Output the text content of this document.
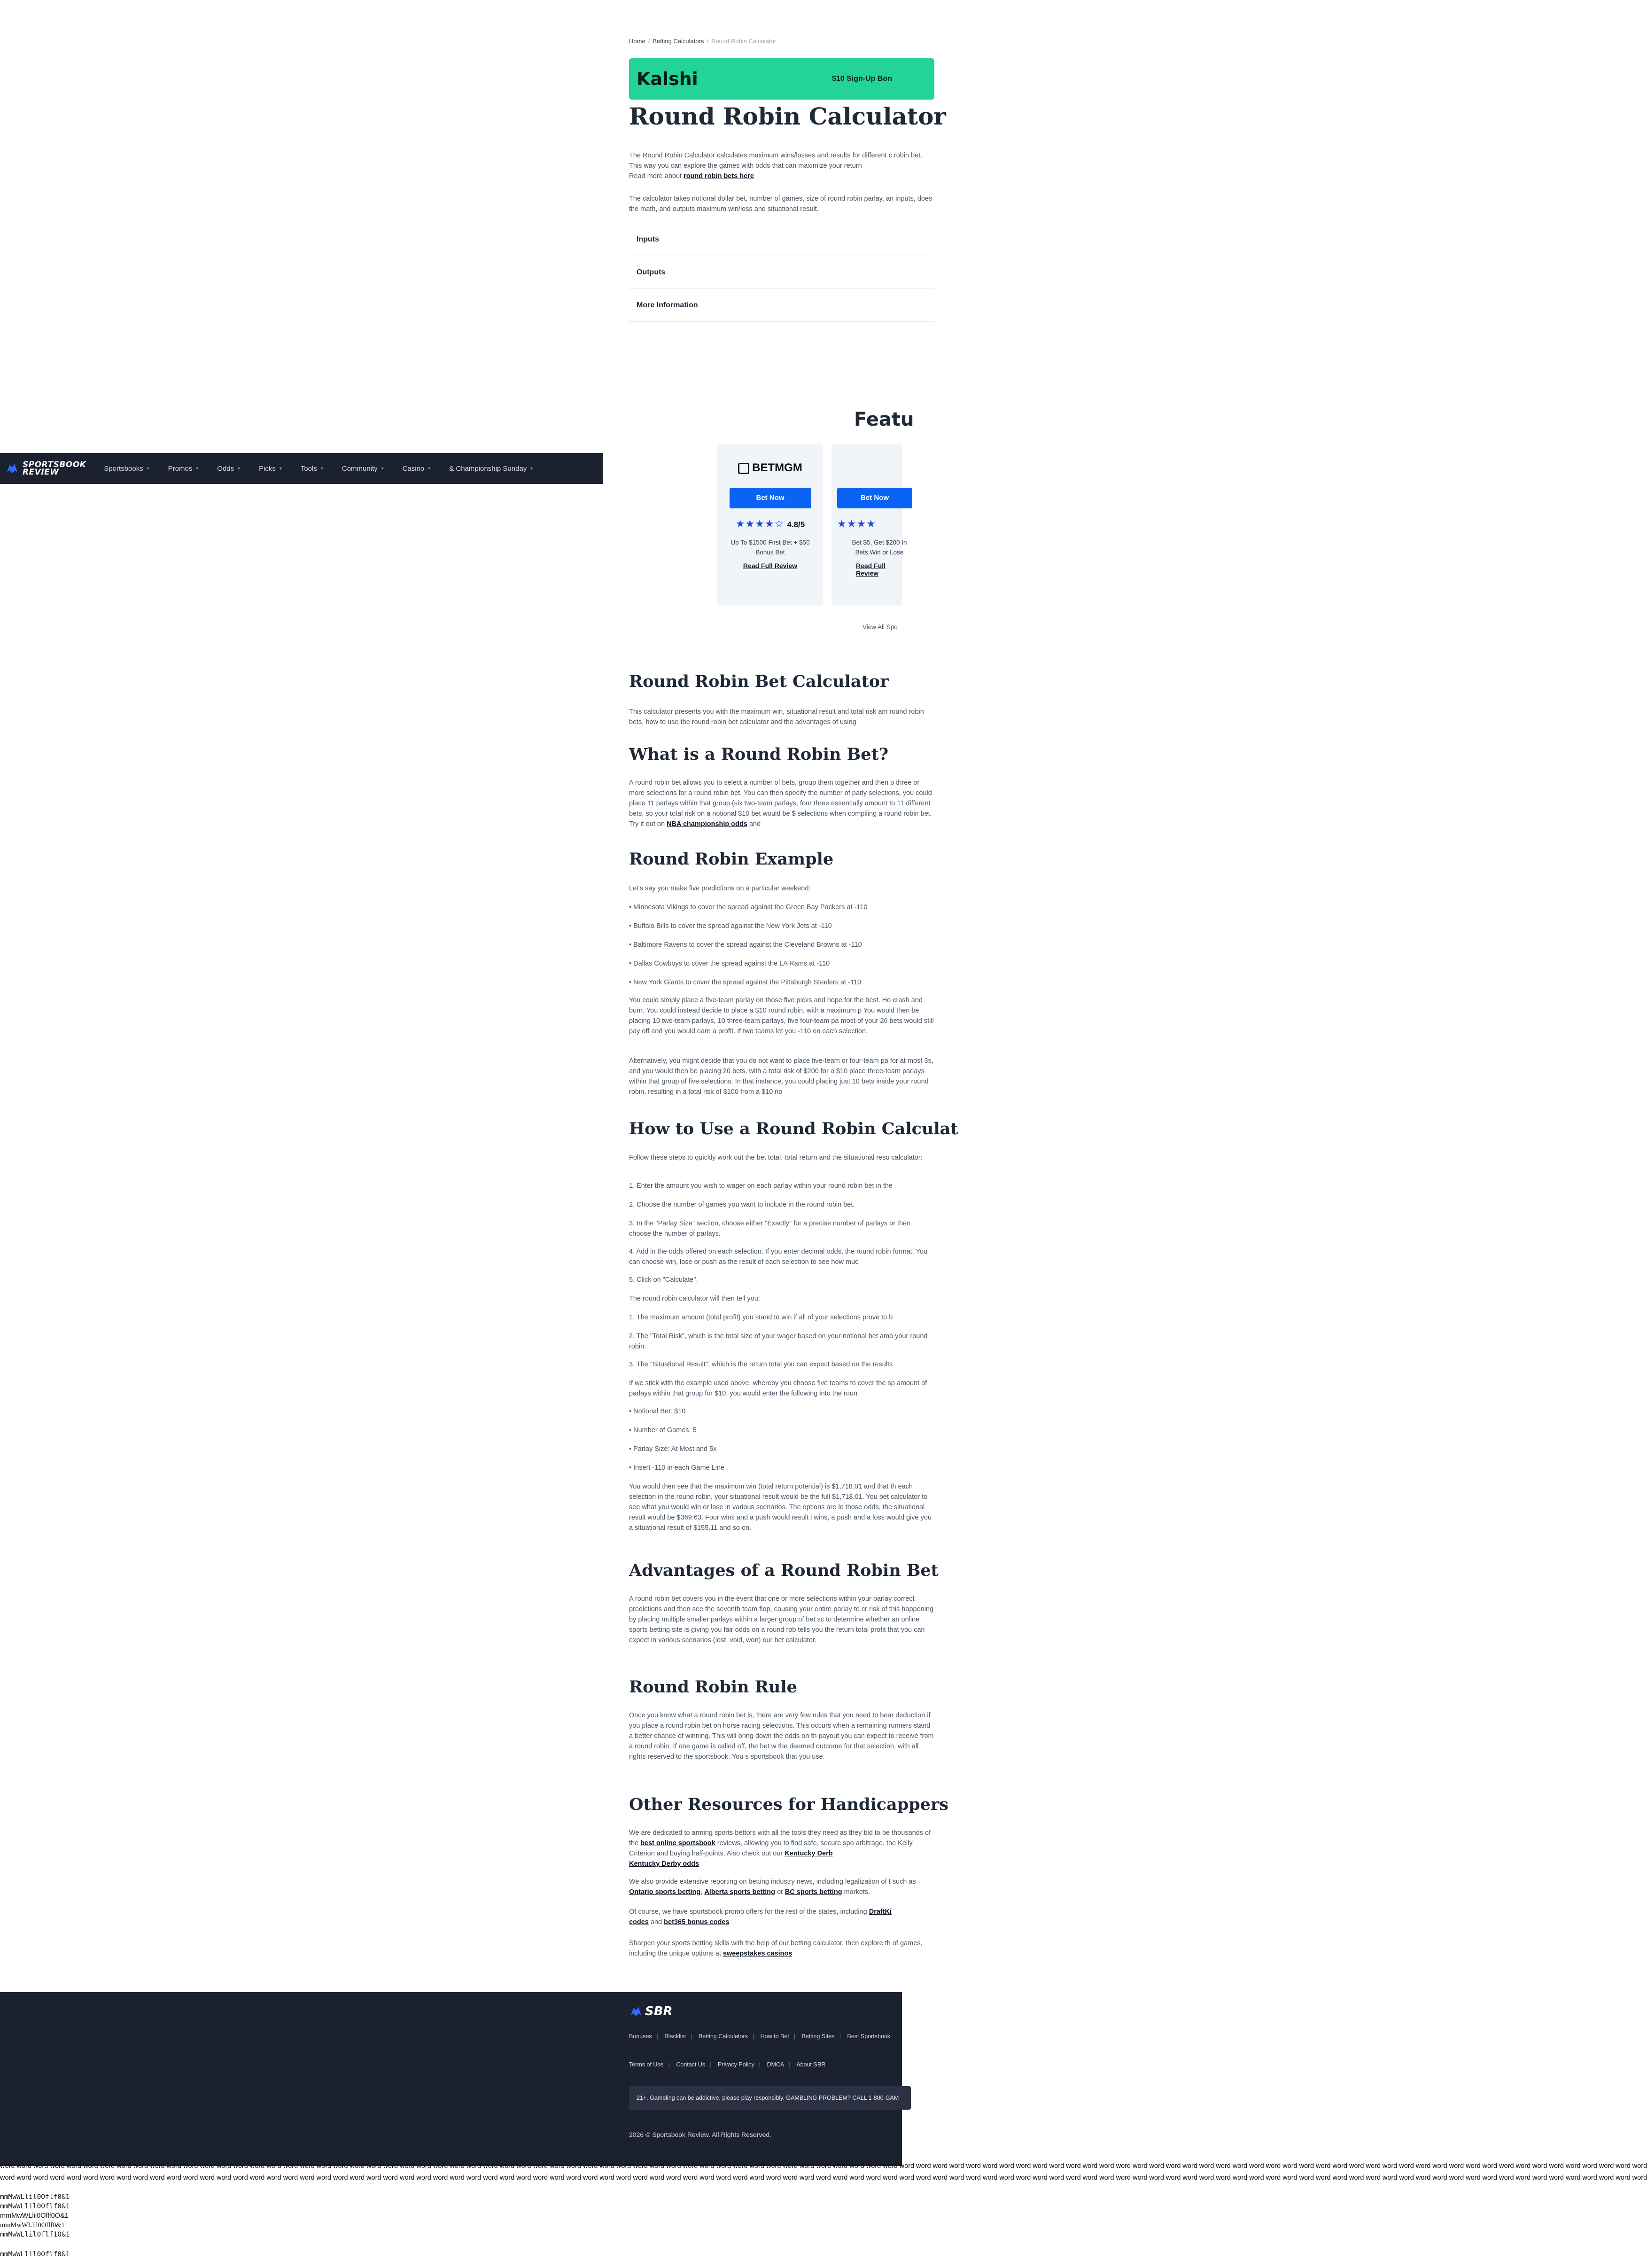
SPORTSBOOK
REVIEW	Sportsbooks ▼	Promos ▼	Odds ▼	Picks ▼	Tools ▼	Community ▼	Casino ▼	& Championship Sunday ▼
Home / Betting Calculators / Round Robin Calculator
Kalshi	$10 Sign-Up Bon
Round Robin Calculator

The Round Robin Calculator calculates maximum wins/losses and results for different c robin bet. This way you can explore the games with odds that can maximize your return
Read more about round robin bets here

The calculator takes notional dollar bet, number of games, size of round robin parlay, an inputs, does the math, and outputs maximum win/loss and situational result.

Inputs
Outputs
More Information
Featu
BETMGM
Bet Now
★★★★☆ 4.8/5
Up To $1500 First Bet + $50 Bonus Bet
Read Full Review
Bet Now
★★★★
Bet $5, Get $200 In Bets Win or Lose
Read Full Review
View All Spo
Round Robin Bet Calculator

This calculator presents you with the maximum win, situational result and total risk am round robin bets, how to use the round robin bet calculator and the advantages of using

What is a Round Robin Bet?

A round robin bet allows you to select a number of bets, group them together and then p three or more selections for a round robin bet. You can then specify the number of parly selections, you could place 11 parlays within that group (six two-team parlays, four three essentially amount to 11 different bets, so your total risk on a notional $10 bet would be $ selections when compiling a round robin bet. Try it out on NBA championship odds and

Round Robin Example

Let's say you make five predictions on a particular weekend:

• Minnesota Vikings to cover the spread against the Green Bay Packers at -110

• Buffalo Bills to cover the spread against the New York Jets at -110

• Baltimore Ravens to cover the spread against the Cleveland Browns at -110

• Dallas Cowboys to cover the spread against the LA Rams at -110

• New York Giants to cover the spread against the Pittsburgh Steelers at -110

You could simply place a five-team parlay on those five picks and hope for the best. Ho crash and burn. You could instead decide to place a $10 round robin, with a maximum p You would then be placing 10 two-team parlays, 10 three-team parlays, five four-team pa most of your 26 bets would still pay off and you would earn a profit. If two teams let you -110 on each selection.

Alternatively, you might decide that you do not want to place five-team or four-team pa for at most 3s, and you would then be placing 20 bets, with a total risk of $200 for a $10 place three-team parlays within that group of five selections. In that instance, you could placing just 10 bets inside your round robin, resulting in a total risk of $100 from a $10 no

How to Use a Round Robin Calculat

Follow these steps to quickly work out the bet total, total return and the situational resu calculator:

1. Enter the amount you wish to wager on each parlay within your round robin bet in the

2. Choose the number of games you want to include in the round robin bet.

3. In the "Parlay Size" section, choose either "Exactly" for a precise number of parlays or then choose the number of parlays.

4. Add in the odds offered on each selection. If you enter decimal odds, the round robin format. You can choose win, lose or push as the result of each selection to see how muc

5. Click on "Calculate".

The round robin calculator will then tell you:

1. The maximum amount (total profit) you stand to win if all of your selections prove to b

2. The "Total Risk", which is the total size of your wager based on your notional bet amo your round robin.

3. The "Situational Result", which is the return total you can expect based on the results

If we stick with the example used above, whereby you choose five teams to cover the sp amount of parlays within that group for $10, you would enter the following into the roun

• Notional Bet: $10

• Number of Games: 5

• Parlay Size: At Most and 5x

• Insert -110 in each Game Line

You would then see that the maximum win (total return potential) is $1,718.01 and that th each selection in the round robin, your situational result would be the full $1,718.01. You bet calculator to see what you would win or lose in various scenarios. The options are lo those odds, the situational result would be $369.63. Four wins and a push would result i wins, a push and a loss would give you a situational result of $155.11 and so on.

Advantages of a Round Robin Bet

A round robin bet covers you in the event that one or more selections within your parlay correct predictions and then see the seventh team flop, causing your entire parlay to cr risk of this happening by placing multiple smaller parlays within a larger group of bet sc to determine whether an online sports betting site is giving you fair odds on a round rob tells you the return total profit that you can expect in various scenarios (lost, void, won) our bet calculator.

Round Robin Rule

Once you know what a round robin bet is, there are very few rules that you need to bear deduction if you place a round robin bet on horse racing selections. This occurs when a remaining runners stand a better chance of winning. This will bring down the odds on th payout you can expect to receive from a round robin. If one game is called off, the bet w the deemed outcome for that selection, with all rights reserved to the sportsbook. You s sportsbook that you use.

Other Resources for Handicappers

We are dedicated to arming sports bettors with all the tools they need as they bid to be thousands of the best online sportsbook reviews, allowing you to find safe, secure spo arbitrage, the Kelly Criterion and buying half-points. Also check out our Kentucky Derb
Kentucky Derby odds

We also provide extensive reporting on betting industry news, including legalization of t such as Ontario sports betting, Alberta sports betting or BC sports betting markets.

Of course, we have sportsbook promo offers for the rest of the states, including DraftKi
codes and bet365 bonus codes

Sharpen your sports betting skills with the help of our betting calculator, then explore th of games, including the unique options at sweepstakes casinos

SBR
Bonuses | Blacklist | Betting Calculators | How to Bet | Betting Sites | Best Sportsbook
Terms of Use | Contact Us | Privacy Policy | DMCA | About SBR
21+. Gambling can be addictive, please play responsibly. GAMBLING PROBLEM? CALL 1-800-GAM
2026 © Sportsbook Review. All Rights Reserved.
word word word word word word word word word word word word word word word word word word word word word word word word word word word word word word word word word word word word word word word word word word word word word word word word word word word word word word word word word word word word word word word word word word word word word word word word word word word word word word word word word word word word word word word word word word word word word word word word word word word
word word word word word word word word word word word word word word word word word word word word word word word word word word word word word word word word word word word word word word word word word word word word word word word word word word word word word word word word word word word word word word word word word word word word word word word word word word word word word word word word word word word word word word word word word word word word word word word word word word word
mmMwWLlil0Oflf0&1
mmMwWLlil0Oflf0&1
mmMwWLlil0Oflf0O&1
mmMwWLlil0Oflf0&1
mmMwWLlil0flf1O&1
mmMwWLlil0Oflf0&1
